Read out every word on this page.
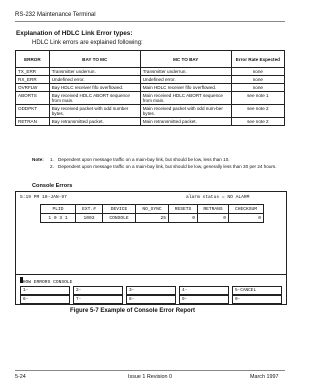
RS-232 Maintenance Terminal
Explanation of HDLC Link Error types:
HDLC Link errors are explained following:
ERROR	BAY TO MC	MC TO BAY	Error Rate Expected
TX_ERR	Transmitter underrun.	Transmitter underrun.	none
RX_ERR	Undefined error.	Undefined error.	none
OVRFLW	Bay HDLC receiver fifo overflowed.	Main HDLC receiver fifo overflowed.	none
ABORTS	Bay received HDLC ABORT sequence from main.	Main received HDLC ABORT sequence from main.	see note 1
ODDPKT	Bay received packet with odd number bytes.	Main received packet with odd num-ber bytes.	see note 2
RETRAN	Bay retransmitted packet.	Main retransmitted packet.	see note 2
Note:	1. Dependent upon message traffic on a main-bay link, but should be low, less than 10.
2. Dependent upon message traffic on a main-bay link, but should be low, generally less than 30 per 24 hours.
Console Errors
5:19 PM 10-JAN-97	alarm status = NO ALARM
PLID	EXT.#	DEVICE	NO_SYNC	RESETS	RETRANS	CHECKSUM
1 0 3 1	1003	CONSOLE	25	0	0	0
SHOW ERRORS CONSOLE
1-	2-	3-	4-	5-CANCEL
6-	7-	8-	9-	0-
Figure 5-7 Example of Console Error Report
5-24	Issue 1 Revision 0	March 1997
